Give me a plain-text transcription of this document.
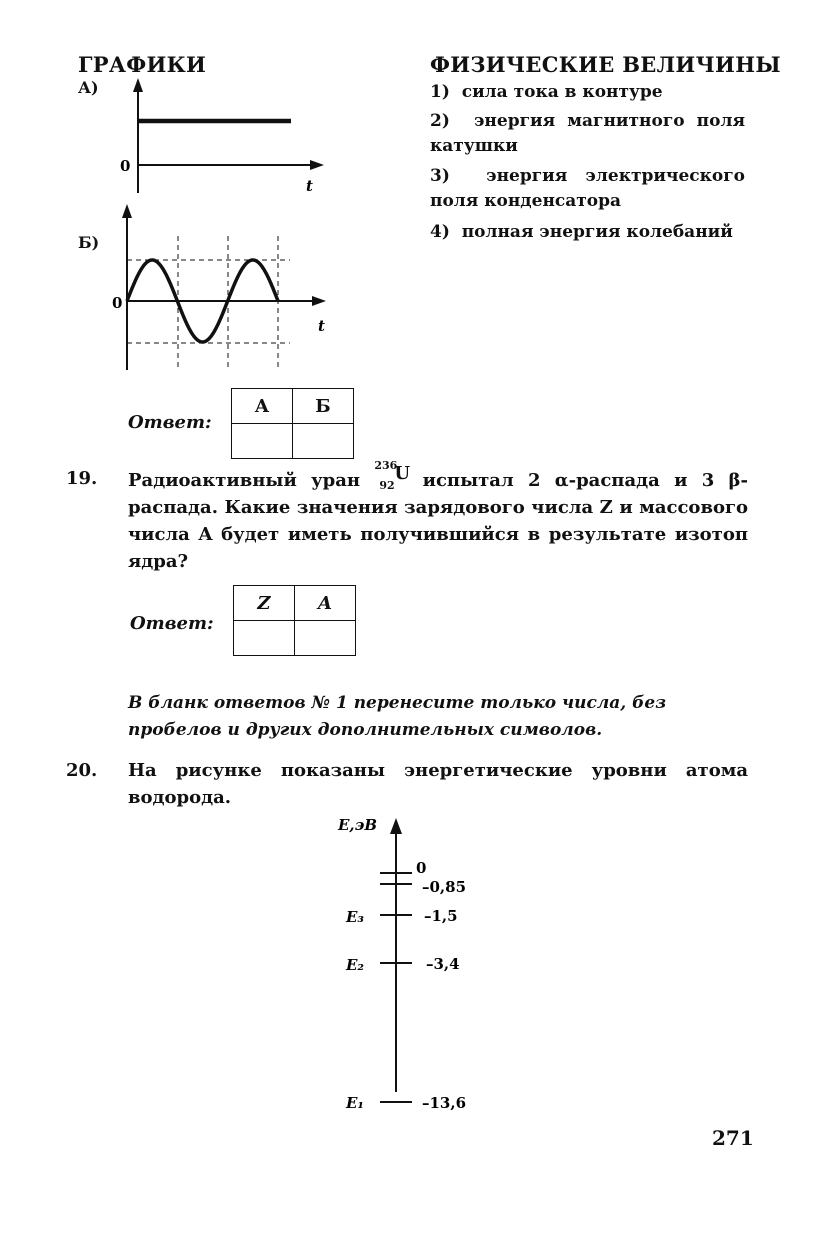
ГРАФИКИ	ФИЗИЧЕСКИЕ ВЕЛИЧИНЫ
А)
0
t
Б)
0
t
1) сила тока в контуре
2) энергия магнитного поля катушки
3) энергия электрического поля конденсатора
4) полная энергия колебаний
Ответ:
А	Б

19. Радиоактивный уран
236
92
U испытал 2 α-распада и 3 β-распада. Какие значения зарядового числа Z и массового числа A будет иметь получившийся в результате изотоп ядра?
Ответ:
Z	A

В бланк ответов № 1 перенесите только числа, без пробелов и других дополнительных символов.
20. На рисунке показаны энергетические уровни атома водорода.
E,эВ
0
–0,85
E₃	–1,5
E₂	–3,4
E₁	–13,6
271
